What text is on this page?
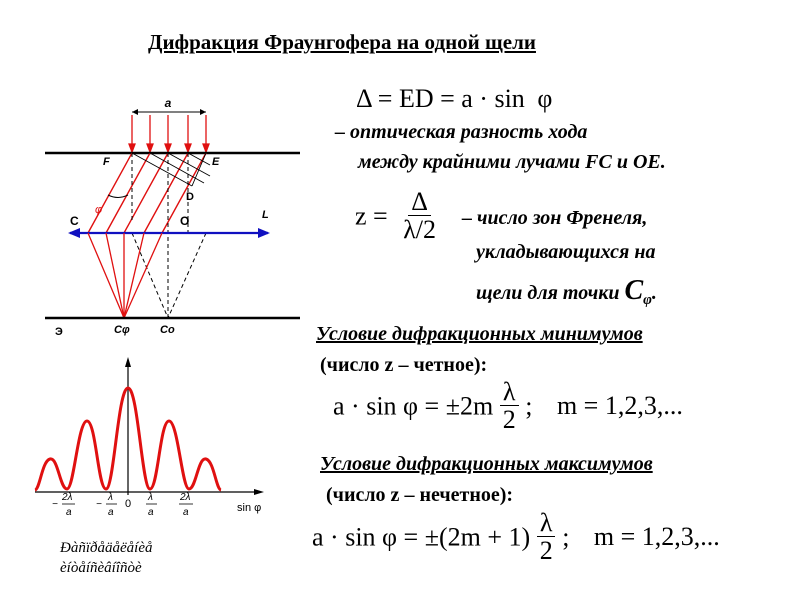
Дифракция Фраунгофера на одной щели
a
F	E
D
φ
C	O	L
Э	Cφ	Co
Δ = ED = a · sin φ
– оптическая разность хода
между крайними лучами FC и OE.
$z = \frac{\Delta}{\lambda/2}$ – число зон Френеля,
укладывающихся на
щели для точки $C_\varphi$.
Условие дифракционных минимумов
(число z – четное):
$a \cdot \sin \varphi = \pm 2m \frac{\lambda}{2}$ ; m = 1,2,3,...
Условие дифракционных максимумов
(число z – нечетное):
$a \cdot \sin \varphi = \pm(2m + 1) \frac{\lambda}{2}$ ; m = 1,2,3,...
0	sin φ
−
2λ
a
−
λ
a
λ
a
2λ
a
Ðàñïðåäåëåíèå
èíòåíñèâíîñòè
